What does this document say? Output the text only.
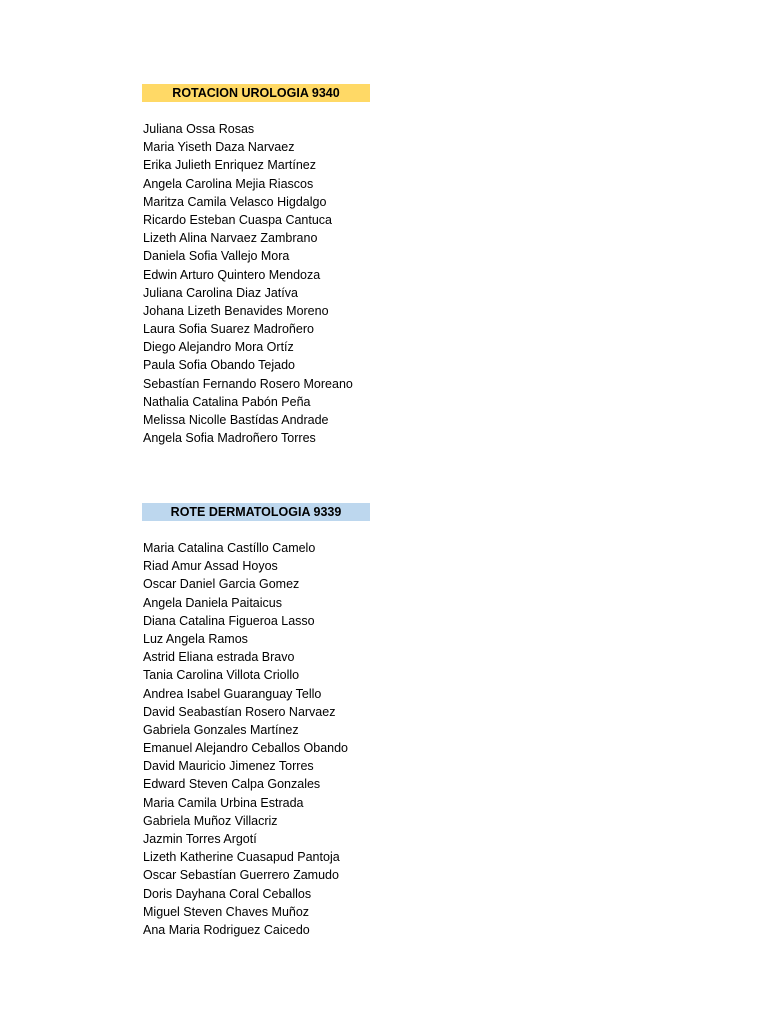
ROTACION UROLOGIA 9340
Juliana Ossa Rosas
Maria Yiseth Daza Narvaez
Erika Julieth Enriquez Martínez
Angela Carolina Mejia Riascos
Maritza Camila Velasco Higdalgo
Ricardo Esteban Cuaspa Cantuca
Lizeth Alina Narvaez Zambrano
Daniela Sofia Vallejo Mora
Edwin Arturo Quintero Mendoza
Juliana Carolina Diaz Jatíva
Johana Lizeth Benavides Moreno
Laura Sofia Suarez Madroñero
Diego Alejandro Mora Ortíz
Paula Sofia Obando Tejado
Sebastían Fernando Rosero Moreano
Nathalia Catalina Pabón Peña
Melissa Nicolle Bastídas Andrade
Angela Sofia Madroñero Torres
ROTE DERMATOLOGIA 9339
Maria Catalina Castíllo Camelo
Riad Amur Assad Hoyos
Oscar Daniel Garcia Gomez
Angela Daniela Paitaicus
Diana Catalina Figueroa Lasso
Luz Angela Ramos
Astrid Eliana estrada Bravo
Tania Carolina Villota Criollo
Andrea Isabel Guaranguay Tello
David Seabastían Rosero Narvaez
Gabriela Gonzales Martínez
Emanuel Alejandro Ceballos Obando
David Mauricio Jimenez Torres
Edward Steven Calpa Gonzales
Maria Camila Urbina Estrada
Gabriela Muñoz Villacriz
Jazmin Torres Argotí
Lizeth Katherine Cuasapud Pantoja
Oscar Sebastían Guerrero Zamudo
Doris Dayhana Coral Ceballos
Miguel Steven Chaves Muñoz
Ana Maria Rodriguez Caicedo
